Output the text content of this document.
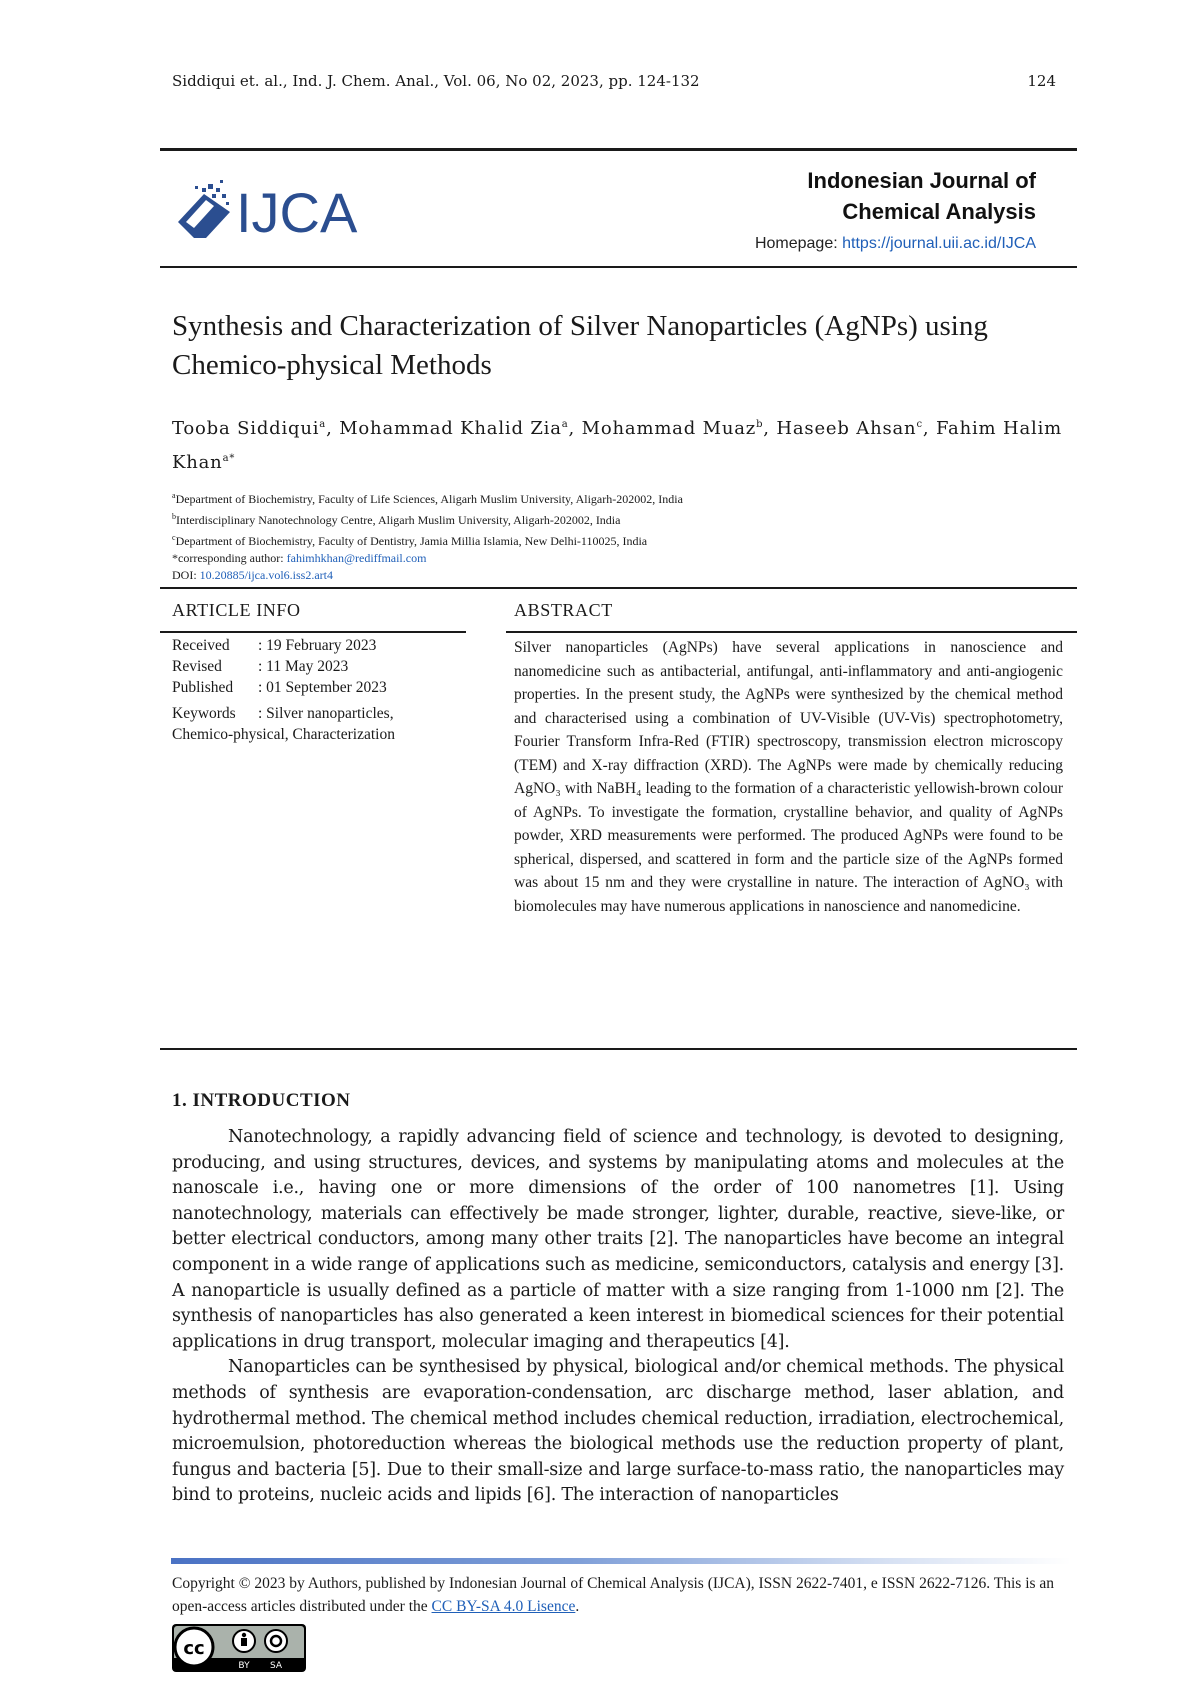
Siddiqui et. al., Ind. J. Chem. Anal., Vol. 06, No 02, 2023, pp. 124-132	124
IJCA
Indonesian Journal of
Chemical Analysis
Homepage: https://journal.uii.ac.id/IJCA
Synthesis and Characterization of Silver Nanoparticles (AgNPs) using Chemico-physical Methods
Tooba Siddiqui$^a$, Mohammad Khalid Zia$^a$, Mohammad Muaz$^b$, Haseeb Ahsan$^c$, Fahim Halim Khan$^{a*}$
$^a$Department of Biochemistry, Faculty of Life Sciences, Aligarh Muslim University, Aligarh-202002, India
$^b$Interdisciplinary Nanotechnology Centre, Aligarh Muslim University, Aligarh-202002, India
$^c$Department of Biochemistry, Faculty of Dentistry, Jamia Millia Islamia, New Delhi-110025, India
*corresponding author: fahimhkhan@rediffmail.com
DOI: 10.20885/ijca.vol6.iss2.art4
ARTICLE INFO	ABSTRACT
Received	: 19 February 2023
Revised	: 11 May 2023
Published	: 01 September 2023
Keywords	: Silver nanoparticles,
Chemico-physical, Characterization
Silver nanoparticles (AgNPs) have several applications in nanoscience and nanomedicine such as antibacterial, antifungal, anti-inflammatory and anti-angiogenic properties. In the present study, the AgNPs were synthesized by the chemical method and characterised using a combination of UV-Visible (UV-Vis) spectrophotometry, Fourier Transform Infra-Red (FTIR) spectroscopy, transmission electron microscopy (TEM) and X-ray diffraction (XRD). The AgNPs were made by chemically reducing AgNO₃ with NaBH₄ leading to the formation of a characteristic yellowish-brown colour of AgNPs. To investigate the formation, crystalline behavior, and quality of AgNPs powder, XRD measurements were performed. The produced AgNPs were found to be spherical, dispersed, and scattered in form and the particle size of the AgNPs formed was about 15 nm and they were crystalline in nature. The interaction of AgNO₃ with biomolecules may have numerous applications in nanoscience and nanomedicine.
1. INTRODUCTION

Nanotechnology, a rapidly advancing field of science and technology, is devoted to designing, producing, and using structures, devices, and systems by manipulating atoms and molecules at the nanoscale i.e., having one or more dimensions of the order of 100 nanometres [1]. Using nanotechnology, materials can effectively be made stronger, lighter, durable, reactive, sieve-like, or better electrical conductors, among many other traits [2]. The nanoparticles have become an integral component in a wide range of applications such as medicine, semiconductors, catalysis and energy [3]. A nanoparticle is usually defined as a particle of matter with a size ranging from 1-1000 nm [2]. The synthesis of nanoparticles has also generated a keen interest in biomedical sciences for their potential applications in drug transport, molecular imaging and therapeutics [4].

Nanoparticles can be synthesised by physical, biological and/or chemical methods. The physical methods of synthesis are evaporation-condensation, arc discharge method, laser ablation, and hydrothermal method. The chemical method includes chemical reduction, irradiation, electrochemical, microemulsion, photoreduction whereas the biological methods use the reduction property of plant, fungus and bacteria [5]. Due to their small-size and large surface-to-mass ratio, the nanoparticles may bind to proteins, nucleic acids and lipids [6]. The interaction of nanoparticles

Copyright © 2023 by Authors, published by Indonesian Journal of Chemical Analysis (IJCA), ISSN 2622-7401, e ISSN 2622-7126. This is an open-access articles distributed under the CC BY-SA 4.0 Lisence.
cc
BY SA
